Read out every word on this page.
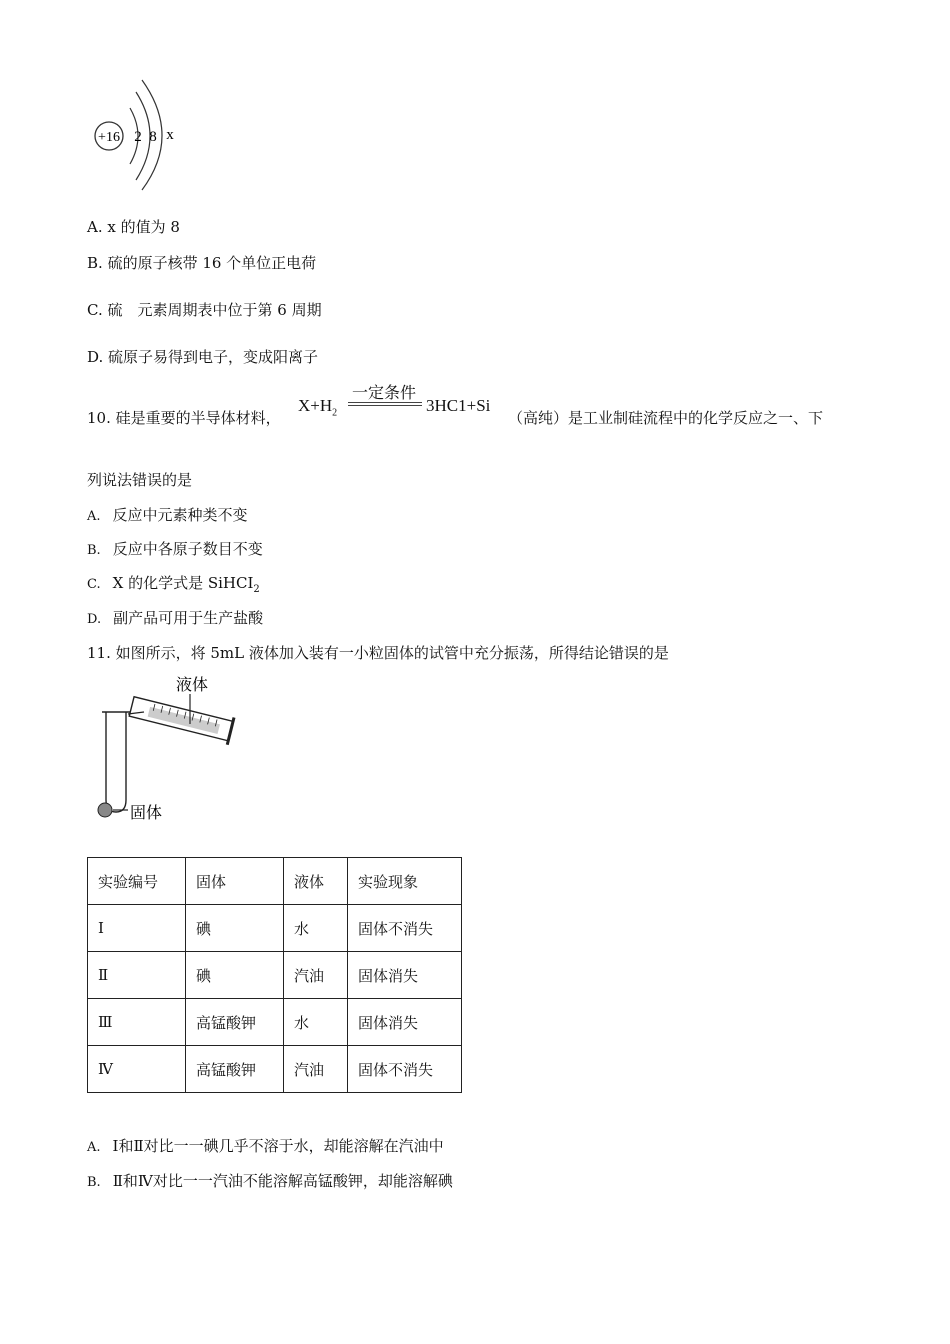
+16 2 8 x
A. x 的值为 8
B. 硫的原子核带 16 个单位正电荷
C. 硫　元素周期表中位于第 6 周期
D. 硫原子易得到电子，变成阳离子
10. 硅是重要的半导体材料，
$X+H_2$
一定条件
3HC1+Si
（高纯）是工业制硅流程中的化学反应之一、下
列说法错误的是
A. 反应中元素种类不变
B. 反应中各原子数目不变
C. X 的化学式是 SiHCI$_2$
D. 副产品可用于生产盐酸
11. 如图所示，将 5mL 液体加入装有一小粒固体的试管中充分振荡，所得结论错误的是
固体
液体
实验编号	固体	液体	实验现象
Ⅰ	碘	水	固体不消失
Ⅱ	碘	汽油	固体消失
Ⅲ	高锰酸钾	水	固体消失
Ⅳ	高锰酸钾	汽油	固体不消失
A. Ⅰ和Ⅱ对比一一碘几乎不溶于水，却能溶解在汽油中
B. Ⅱ和Ⅳ对比一一汽油不能溶解高锰酸钾，却能溶解碘
